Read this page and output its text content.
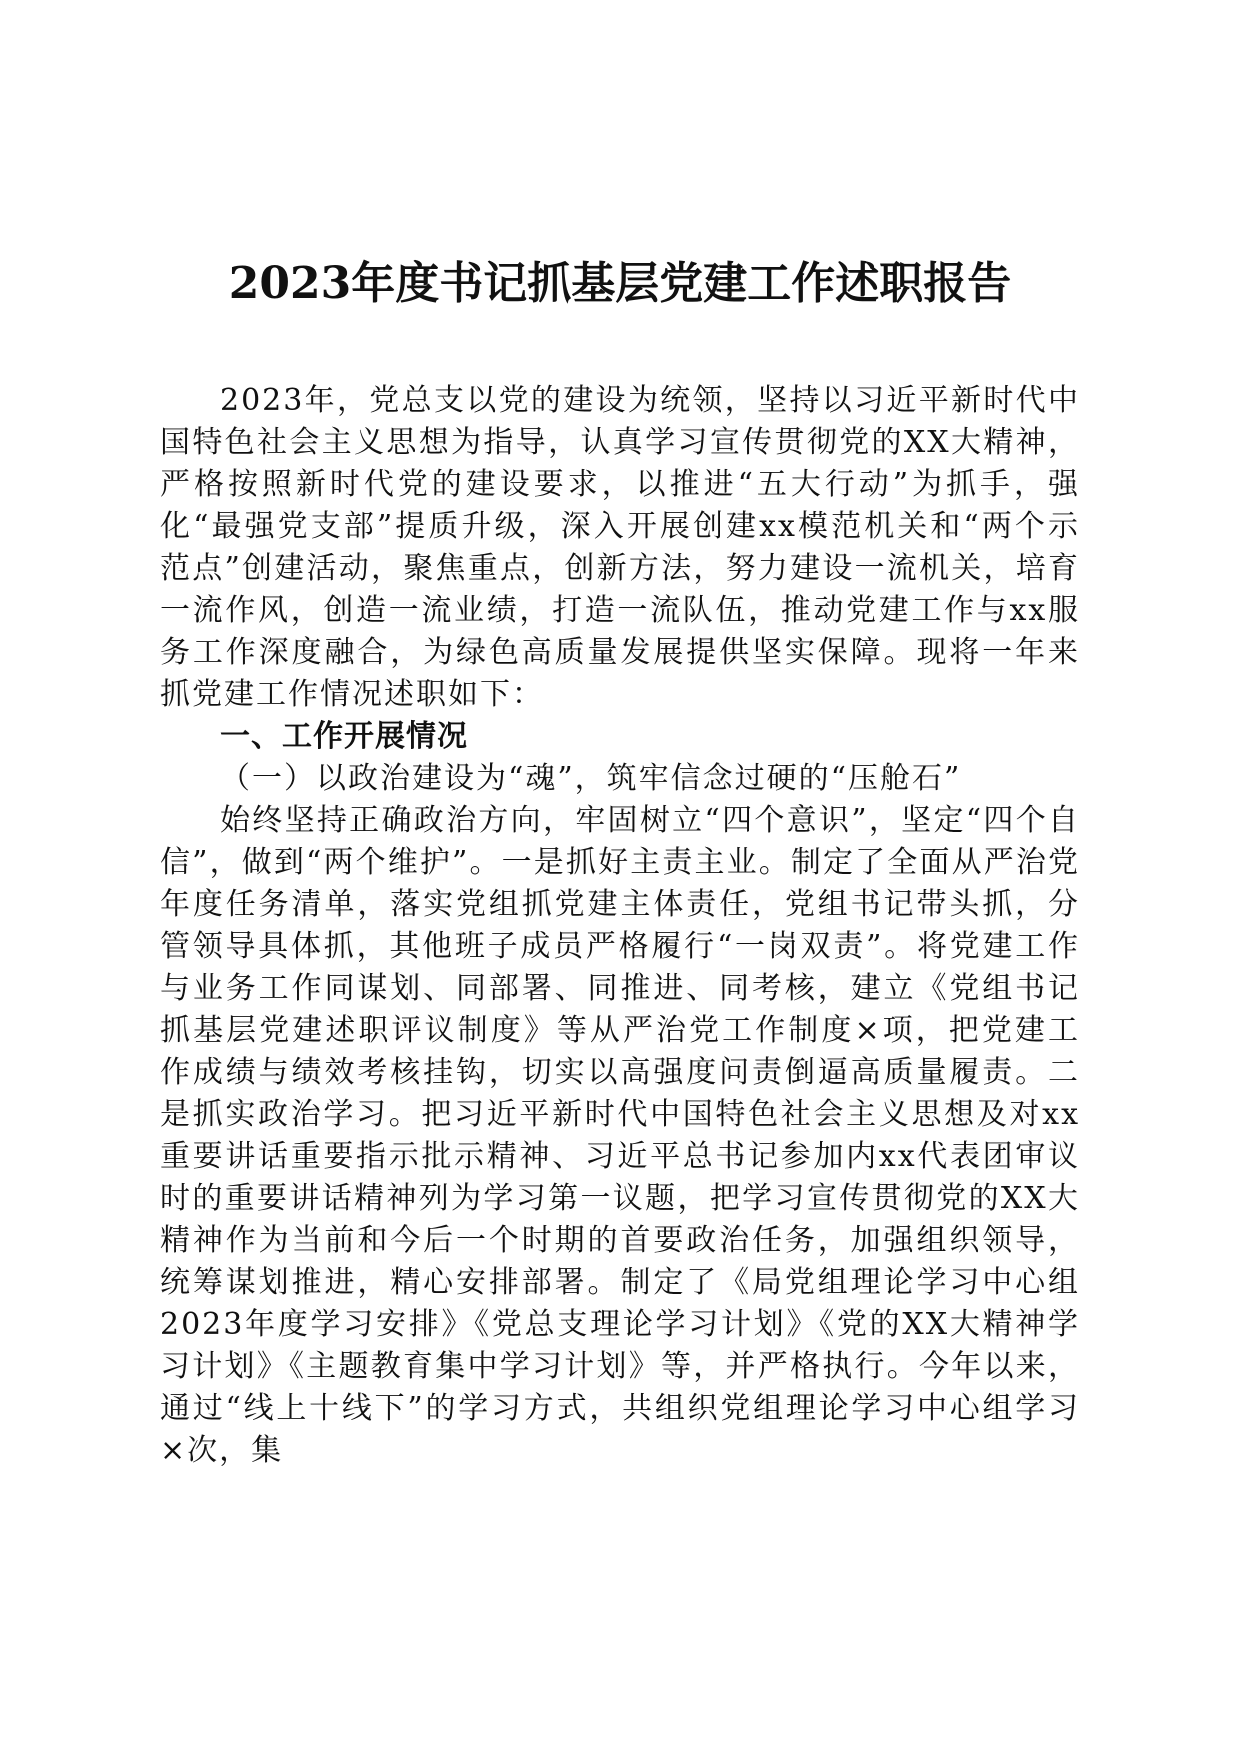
2023年度书记抓基层党建工作述职报告

2023年，党总支以党的建设为统领，坚持以习近平新时代中国特色社会主义思想为指导，认真学习宣传贯彻党的XX大精神，严格按照新时代党的建设要求，以推进“五大行动”为抓手，强化“最强党支部”提质升级，深入开展创建xx模范机关和“两个示范点”创建活动，聚焦重点，创新方法，努力建设一流机关，培育一流作风，创造一流业绩，打造一流队伍，推动党建工作与xx服务工作深度融合，为绿色高质量发展提供坚实保障。现将一年来抓党建工作情况述职如下：

一、工作开展情况

（一）以政治建设为“魂”，筑牢信念过硬的“压舱石”

始终坚持正确政治方向，牢固树立“四个意识”，坚定“四个自信”，做到“两个维护”。一是抓好主责主业。制定了全面从严治党年度任务清单，落实党组抓党建主体责任，党组书记带头抓，分管领导具体抓，其他班子成员严格履行“一岗双责”。将党建工作与业务工作同谋划、同部署、同推进、同考核，建立《党组书记抓基层党建述职评议制度》等从严治党工作制度×项，把党建工作成绩与绩效考核挂钩，切实以高强度问责倒逼高质量履责。二是抓实政治学习。把习近平新时代中国特色社会主义思想及对xx重要讲话重要指示批示精神、习近平总书记参加内xx代表团审议时的重要讲话精神列为学习第一议题，把学习宣传贯彻党的XX大精神作为当前和今后一个时期的首要政治任务，加强组织领导，统筹谋划推进，精心安排部署。制定了《局党组理论学习中心组2023年度学习安排》《党总支理论学习计划》《党的XX大精神学习计划》《主题教育集中学习计划》等，并严格执行。今年以来，通过“线上十线下”的学习方式，共组织党组理论学习中心组学习×次，集
